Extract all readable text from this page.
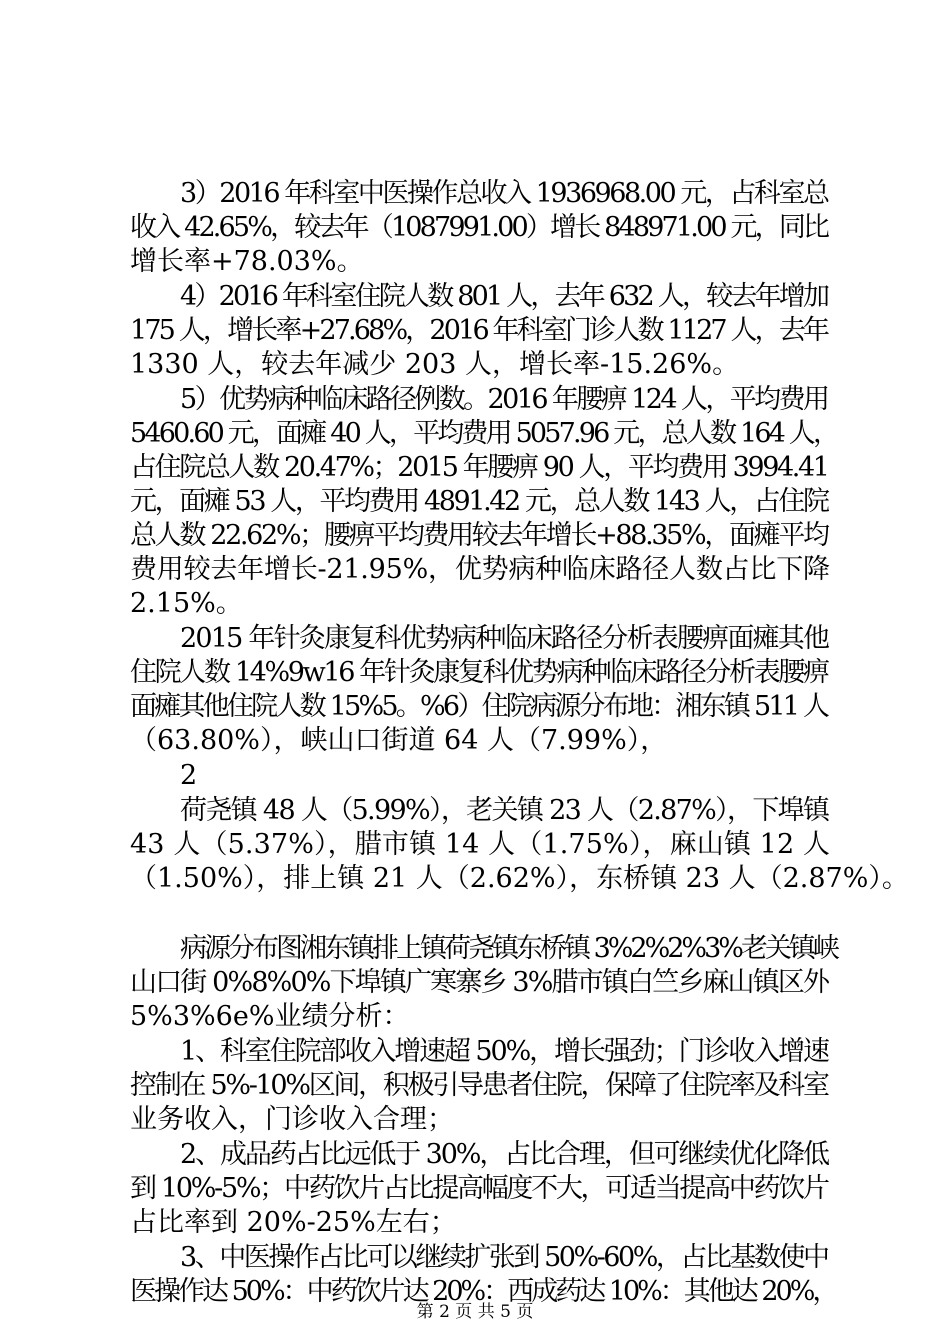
3）2016 年科室中医操作总收入 1936968.00 元，占科室总
收入 42.65%，较去年（1087991.00）增长 848971.00 元，同比
增长率+78.03%。
4）2016 年科室住院人数 801 人，去年 632 人，较去年增加
175 人，增长率+27.68%，2016 年科室门诊人数 1127 人，去年
1330 人，较去年减少 203 人，增长率-15.26%。
5）优势病种临床路径例数。2016 年腰痹 124 人，平均费用
5460.60 元，面瘫 40 人，平均费用 5057.96 元，总人数 164 人，
占住院总人数 20.47%；2015 年腰痹 90 人，平均费用 3994.41
元，面瘫 53 人，平均费用 4891.42 元，总人数 143 人，占住院
总人数 22.62%；腰痹平均费用较去年增长+88.35%，面瘫平均
费用较去年增长-21.95%，优势病种临床路径人数占比下降
2.15%。
2015 年针灸康复科优势病种临床路径分析表腰痹面瘫其他
住院人数 14%9w16 年针灸康复科优势病种临床路径分析表腰痹
面瘫其他住院人数 15%5。%6）住院病源分布地：湘东镇 511 人
（63.80%），峡山口街道 64 人（7.99%），
2
荷尧镇 48 人（5.99%），老关镇 23 人（2.87%），下埠镇
43 人（5.37%），腊市镇 14 人（1.75%），麻山镇 12 人
（1.50%），排上镇 21 人（2.62%），东桥镇 23 人（2.87%）。
病源分布图湘东镇排上镇荷尧镇东桥镇 3%2%2%3%老关镇峡
山口街 0%8%0%下埠镇广寒寨乡 3%腊市镇白竺乡麻山镇区外
5%3%6e%业绩分析：
1、科室住院部收入增速超 50%，增长强劲；门诊收入增速
控制在 5%-10%区间，积极引导患者住院，保障了住院率及科室
业务收入，门诊收入合理；
2、成品药占比远低于 30%，占比合理，但可继续优化降低
到 10%-5%；中药饮片占比提高幅度不大，可适当提高中药饮片
占比率到 20%-25%左右；
3、中医操作占比可以继续扩张到 50%-60%，占比基数使中
医操作达 50%：中药饮片达 20%：西成药达 10%：其他达 20%，
第 2 页 共 5 页
